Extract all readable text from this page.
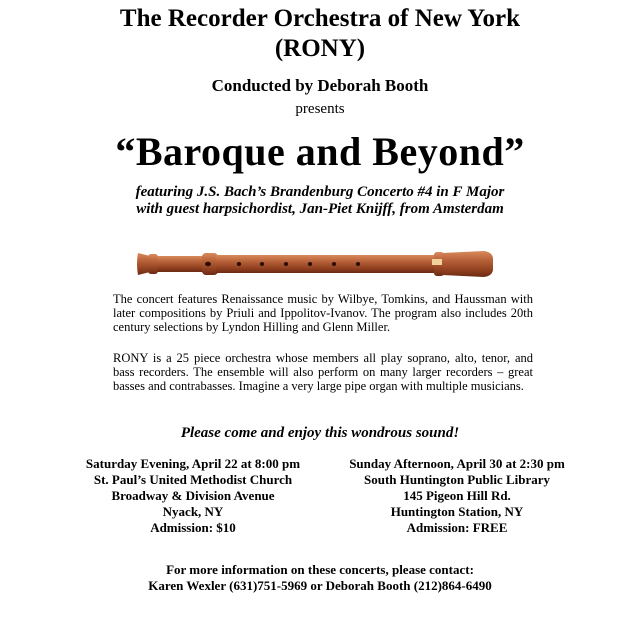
The Recorder Orchestra of New York
(RONY)
Conducted by Deborah Booth
presents
“Baroque and Beyond”
featuring J.S. Bach’s Brandenburg Concerto #4 in F Major
with guest harpsichordist, Jan-Piet Knijff, from Amsterdam
The concert features Renaissance music by Wilbye, Tomkins, and Haussman with later compositions by Priuli and Ippolitov-Ivanov. The program also includes 20th century selections by Lyndon Hilling and Glenn Miller.
RONY is a 25 piece orchestra whose members all play soprano, alto, tenor, and bass recorders. The ensemble will also perform on many larger recorders – great basses and contrabasses. Imagine a very large pipe organ with multiple musicians.
Please come and enjoy this wondrous sound!
Saturday Evening, April 22 at 8:00 pm
St. Paul’s United Methodist Church
Broadway & Division Avenue
Nyack, NY
Admission: $10
Sunday Afternoon, April 30 at 2:30 pm
South Huntington Public Library
145 Pigeon Hill Rd.
Huntington Station, NY
Admission: FREE
For more information on these concerts, please contact:
Karen Wexler (631)751-5969 or Deborah Booth (212)864-6490
